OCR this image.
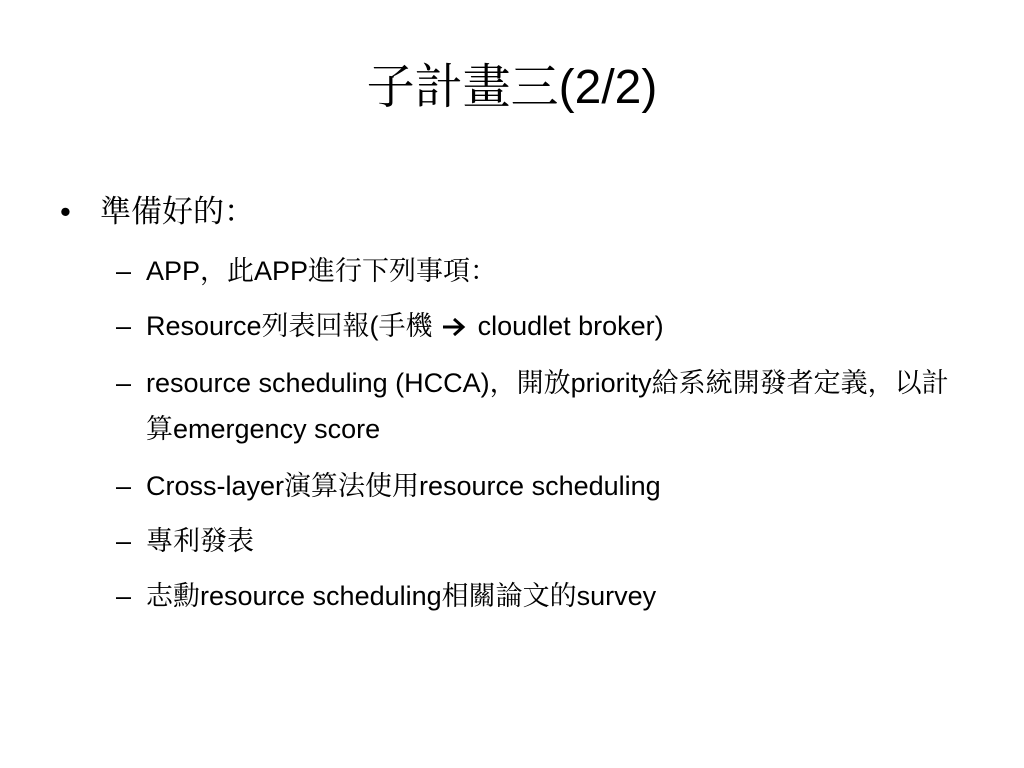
子計畫三(2/2)
• 準備好的：
– APP，此APP進行下列事項：
– Resource列表回報(手機 cloudlet broker)
– resource scheduling (HCCA)，開放priority給系統開發者定義，以計算emergency score
– Cross-layer演算法使用resource scheduling
– 專利發表
– 志勳resource scheduling相關論文的survey
